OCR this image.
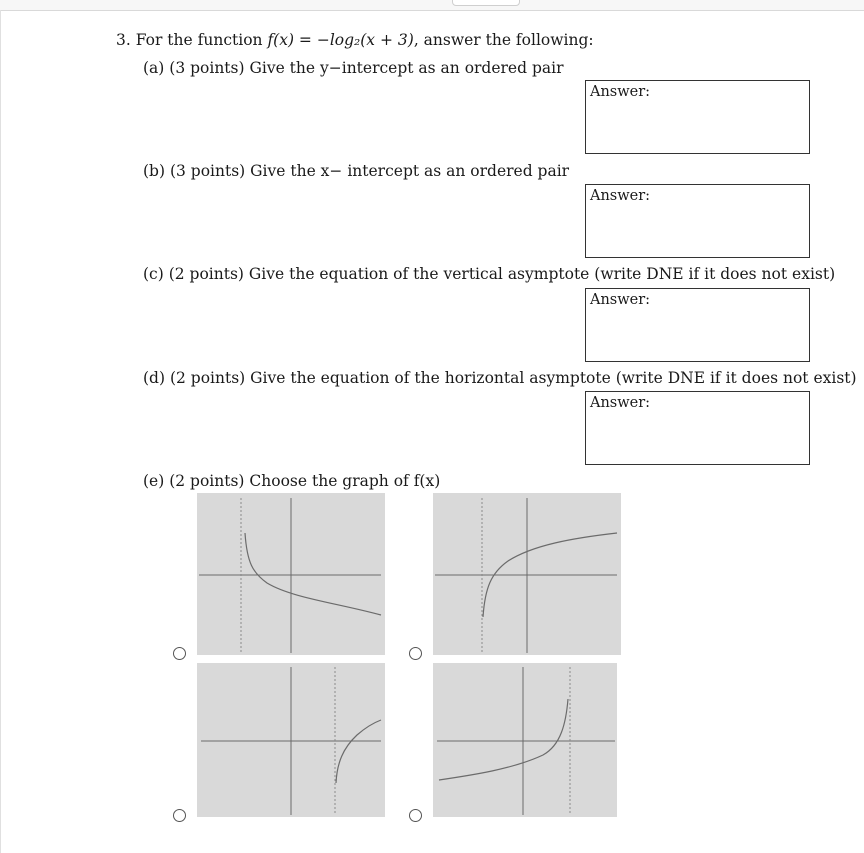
3. For the function f(x) = −log₂(x + 3), answer the following:
(a) (3 points) Give the y−intercept as an ordered pair
Answer:
(b) (3 points) Give the x− intercept as an ordered pair
Answer:
(c) (2 points) Give the equation of the vertical asymptote (write DNE if it does not exist)
Answer:
(d) (2 points) Give the equation of the horizontal asymptote (write DNE if it does not exist)
Answer:
(e) (2 points) Choose the graph of f(x)
